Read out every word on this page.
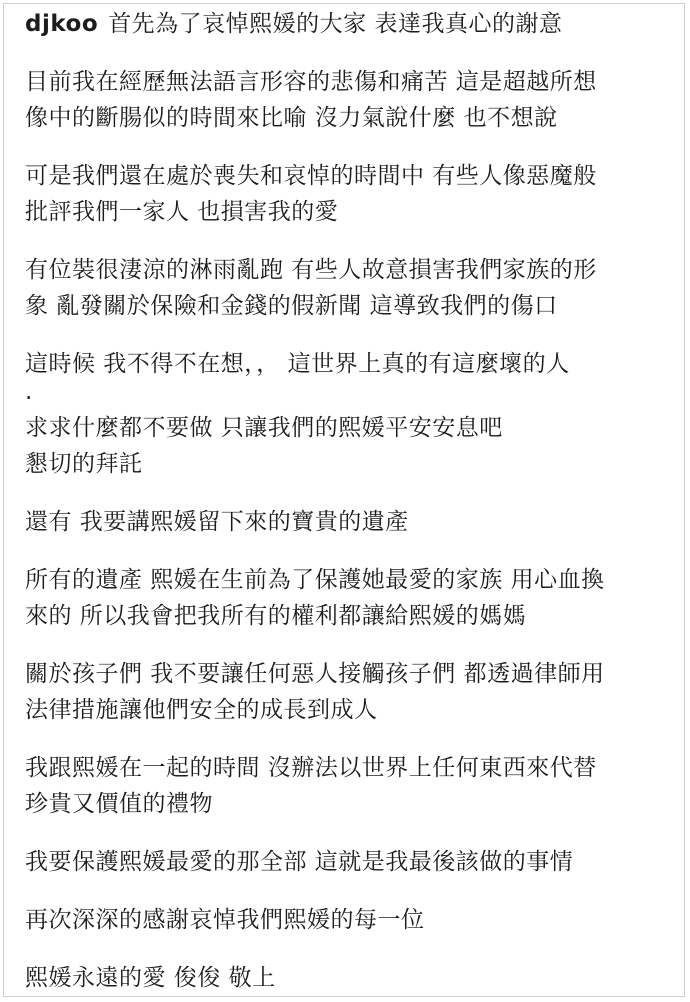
djkoo 首先為了哀悼熙媛的大家 表達我真心的謝意
目前我在經歷無法語言形容的悲傷和痛苦 這是超越所想
像中的斷腸似的時間來比喻 沒力氣說什麼 也不想說
可是我們還在處於喪失和哀悼的時間中 有些人像惡魔般
批評我們一家人 也損害我的愛
有位裝很淒涼的淋雨亂跑 有些人故意損害我們家族的形
象 亂發關於保險和金錢的假新聞 這導致我們的傷口
這時候 我不得不在想，， 這世界上真的有這麼壞的人
.
求求什麼都不要做 只讓我們的熙媛平安安息吧
懇切的拜託
還有 我要講熙媛留下來的寶貴的遺產
所有的遺產 熙媛在生前為了保護她最愛的家族 用心血換
來的 所以我會把我所有的權利都讓給熙媛的媽媽
關於孩子們 我不要讓任何惡人接觸孩子們 都透過律師用
法律措施讓他們安全的成長到成人
我跟熙媛在一起的時間 沒辦法以世界上任何東西來代替
珍貴又價值的禮物
我要保護熙媛最愛的那全部 這就是我最後該做的事情
再次深深的感謝哀悼我們熙媛的每一位
熙媛永遠的愛 俊俊 敬上
